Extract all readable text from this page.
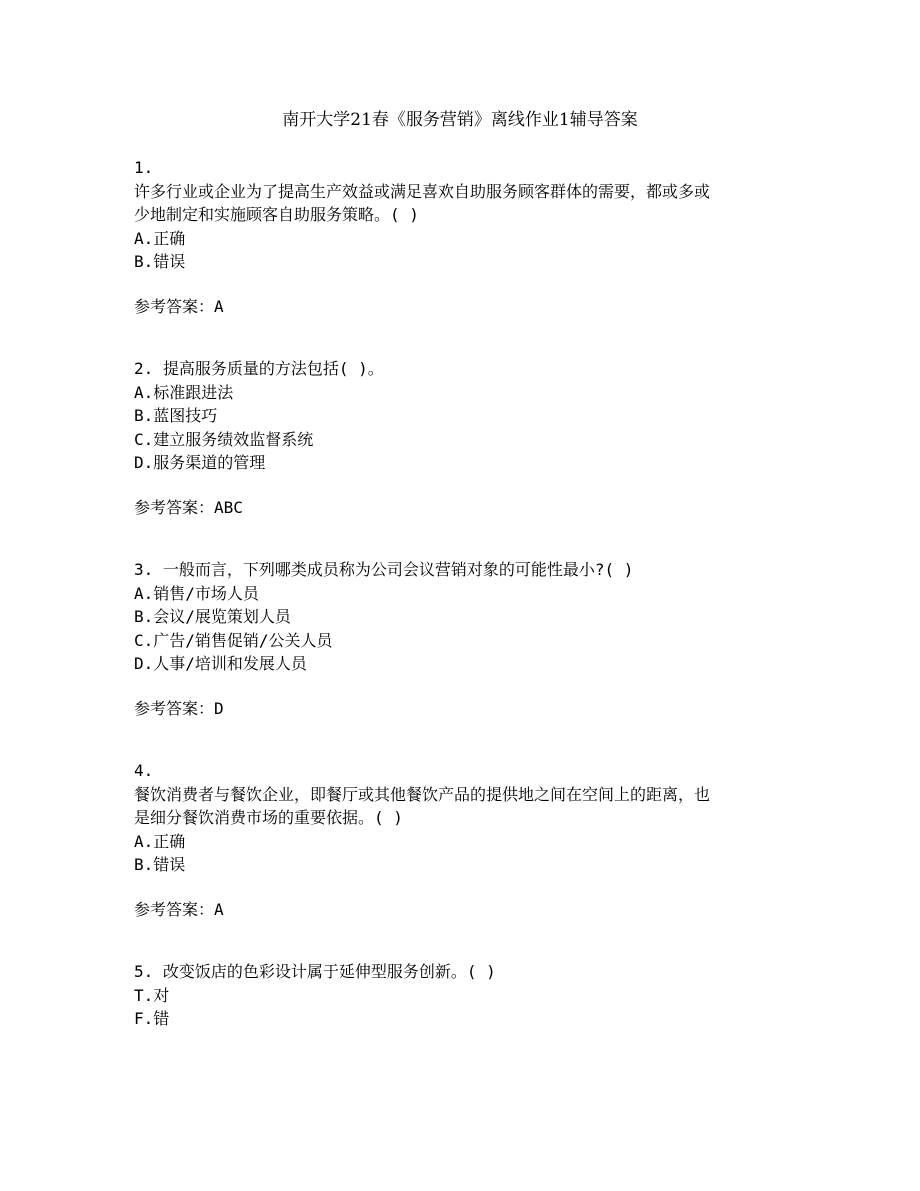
南开大学21春《服务营销》离线作业1辅导答案
1.
许多行业或企业为了提高生产效益或满足喜欢自助服务顾客群体的需要，都或多或
少地制定和实施顾客自助服务策略。( )
A.正确
B.错误
参考答案：A
2. 提高服务质量的方法包括( )。
A.标准跟进法
B.蓝图技巧
C.建立服务绩效监督系统
D.服务渠道的管理
参考答案：ABC
3. 一般而言，下列哪类成员称为公司会议营销对象的可能性最小?( )
A.销售/市场人员
B.会议/展览策划人员
C.广告/销售促销/公关人员
D.人事/培训和发展人员
参考答案：D
4.
餐饮消费者与餐饮企业，即餐厅或其他餐饮产品的提供地之间在空间上的距离，也
是细分餐饮消费市场的重要依据。( )
A.正确
B.错误
参考答案：A
5. 改变饭店的色彩设计属于延伸型服务创新。( )
T.对
F.错
